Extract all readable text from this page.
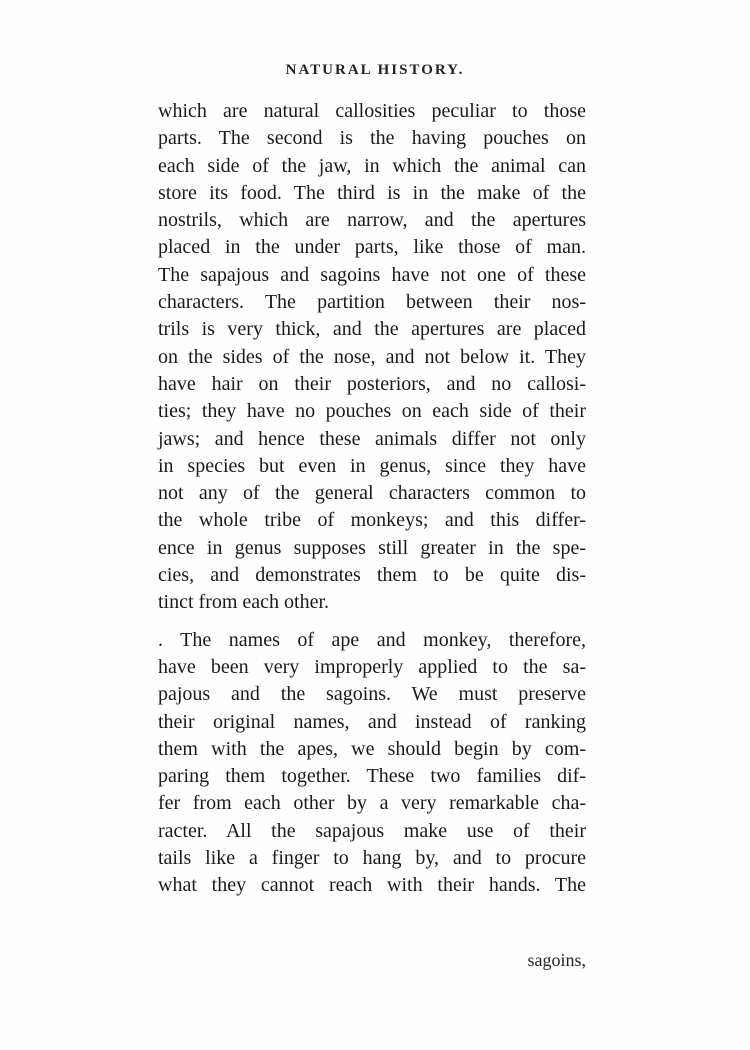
NATURAL HISTORY.
which are natural callosities peculiar to those
parts. The second is the having pouches on
each side of the jaw, in which the animal can
store its food. The third is in the make of the
nostrils, which are narrow, and the apertures
placed in the under parts, like those of man.
The sapajous and sagoins have not one of these
characters. The partition between their nos-
trils is very thick, and the apertures are placed
on the sides of the nose, and not below it. They
have hair on their posteriors, and no callosi-
ties; they have no pouches on each side of their
jaws; and hence these animals differ not only
in species but even in genus, since they have
not any of the general characters common to
the whole tribe of monkeys; and this differ-
ence in genus supposes still greater in the spe-
cies, and demonstrates them to be quite dis-
tinct from each other.
. The names of ape and monkey, therefore,
have been very improperly applied to the sa-
pajous and the sagoins. We must preserve
their original names, and instead of ranking
them with the apes, we should begin by com-
paring them together. These two families dif-
fer from each other by a very remarkable cha-
racter. All the sapajous make use of their
tails like a finger to hang by, and to procure
what they cannot reach with their hands. The
sagoins,
